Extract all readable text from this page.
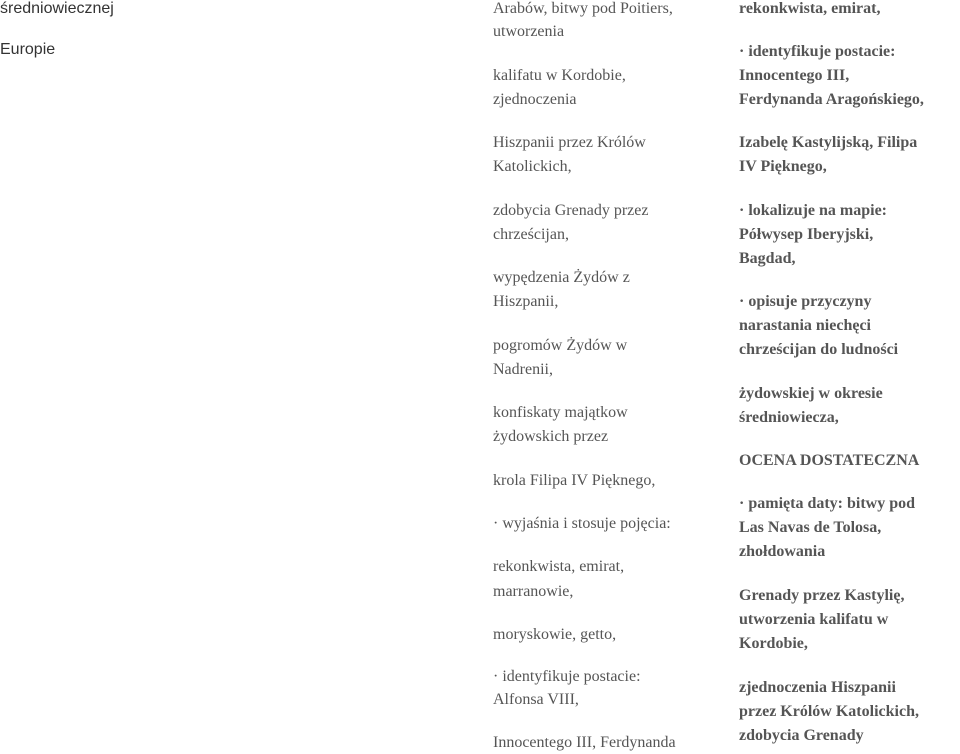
średniowiecznej
Europie
Arabów, bitwy pod Poitiers,
utworzenia
kalifatu w Kordobie,
zjednoczenia
Hiszpanii przez Królów
Katolickich,
zdobycia Grenady przez
chrześcijan,
wypędzenia Żydów z
Hiszpanii,
pogromów Żydów w
Nadrenii,
konfiskaty majątkow
żydowskich przez
krola Filipa IV Pięknego,
· wyjaśnia i stosuje pojęcia:
rekonkwista, emirat,
marranowie,
moryskowie, getto,
· identyfikuje postacie:
Alfonsa VIII,
Innocentego III, Ferdynanda
rekonkwista, emirat,
· identyfikuje postacie:
Innocentego III,
Ferdynanda Aragońskiego,
Izabelę Kastylijską, Filipa
IV Pięknego,
· lokalizuje na mapie:
Półwysep Iberyjski,
Bagdad,
· opisuje przyczyny
narastania niechęci
chrześcijan do ludności
żydowskiej w okresie
średniowiecza,
OCENA DOSTATECZNA
· pamięta daty: bitwy pod
Las Navas de Tolosa,
zhołdowania
Grenady przez Kastylię,
utworzenia kalifatu w
Kordobie,
zjednoczenia Hiszpanii
przez Królów Katolickich,
zdobycia Grenady
